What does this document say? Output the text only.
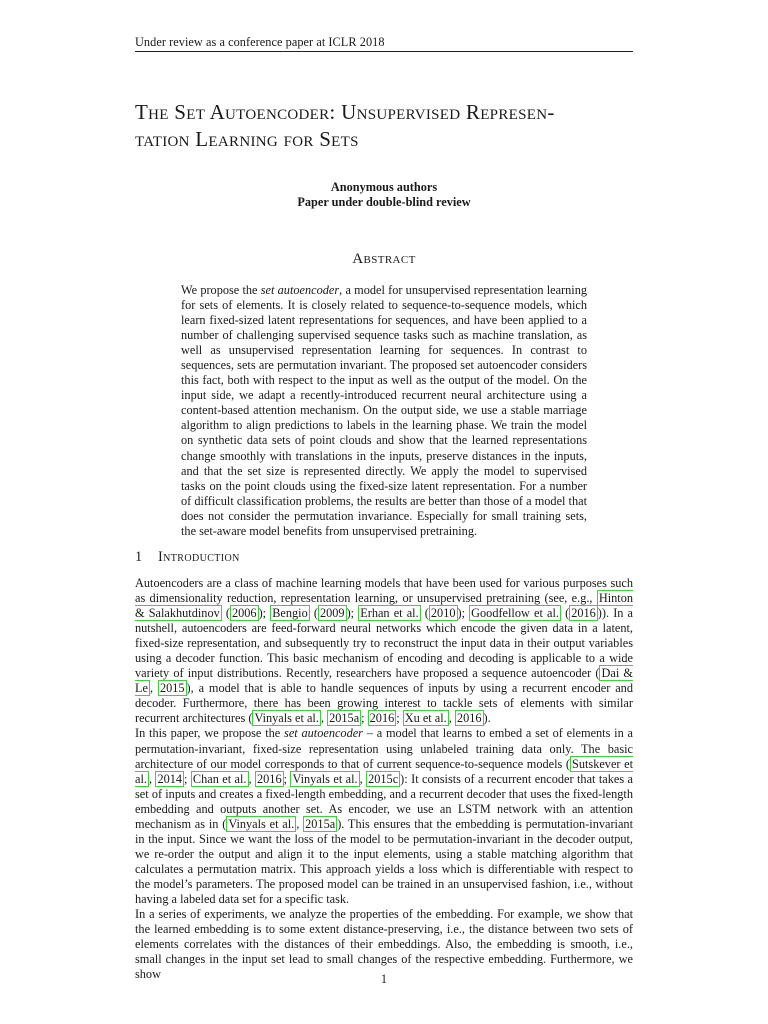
Under review as a conference paper at ICLR 2018
The Set Autoencoder: Unsupervised Represen-
tation Learning for Sets
Anonymous authors
Paper under double-blind review
Abstract

We propose the set autoencoder, a model for unsupervised representation learning for sets of elements. It is closely related to sequence-to-sequence models, which learn fixed-sized latent representations for sequences, and have been applied to a number of challenging supervised sequence tasks such as machine translation, as well as unsupervised representation learning for sequences. In contrast to sequences, sets are permutation invariant. The proposed set autoencoder considers this fact, both with respect to the input as well as the output of the model. On the input side, we adapt a recently-introduced recurrent neural architecture using a content-based attention mechanism. On the output side, we use a stable marriage algorithm to align predictions to labels in the learning phase. We train the model on synthetic data sets of point clouds and show that the learned representations change smoothly with translations in the inputs, preserve distances in the inputs, and that the set size is represented directly. We apply the model to supervised tasks on the point clouds using the fixed-size latent representation. For a number of difficult classification problems, the results are better than those of a model that does not consider the permutation invariance. Especially for small training sets, the set-aware model benefits from unsupervised pretraining.

1 Introduction

Autoencoders are a class of machine learning models that have been used for various purposes such as dimensionality reduction, representation learning, or unsupervised pretraining (see, e.g., Hinton & Salakhutdinov ( 2006 ); Bengio ( 2009 ); Erhan et al. ( 2010 ); Goodfellow et al. ( 2016 )). In a nutshell, autoencoders are feed-forward neural networks which encode the given data in a latent, fixed-size representation, and subsequently try to reconstruct the input data in their output variables using a decoder function. This basic mechanism of encoding and decoding is applicable to a wide variety of input distributions. Recently, researchers have proposed a sequence autoencoder ( Dai & Le , 2015 ), a model that is able to handle sequences of inputs by using a recurrent encoder and decoder. Furthermore, there has been growing interest to tackle sets of elements with similar recurrent architectures ( Vinyals et al. , 2015a ; 2016 ; Xu et al. , 2016 ).

In this paper, we propose the set autoencoder – a model that learns to embed a set of elements in a permutation-invariant, fixed-size representation using unlabeled training data only. The basic architecture of our model corresponds to that of current sequence-to-sequence models ( Sutskever et al. , 2014 ; Chan et al. , 2016 ; Vinyals et al. , 2015c ): It consists of a recurrent encoder that takes a set of inputs and creates a fixed-length embedding, and a recurrent decoder that uses the fixed-length embedding and outputs another set. As encoder, we use an LSTM network with an attention mechanism as in ( Vinyals et al. , 2015a ). This ensures that the embedding is permutation-invariant in the input. Since we want the loss of the model to be permutation-invariant in the decoder output, we re-order the output and align it to the input elements, using a stable matching algorithm that calculates a permutation matrix. This approach yields a loss which is differentiable with respect to the model’s parameters. The proposed model can be trained in an unsupervised fashion, i.e., without having a labeled data set for a specific task.

In a series of experiments, we analyze the properties of the embedding. For example, we show that the learned embedding is to some extent distance-preserving, i.e., the distance between two sets of elements correlates with the distances of their embeddings. Also, the embedding is smooth, i.e., small changes in the input set lead to small changes of the respective embedding. Furthermore, we show	1
